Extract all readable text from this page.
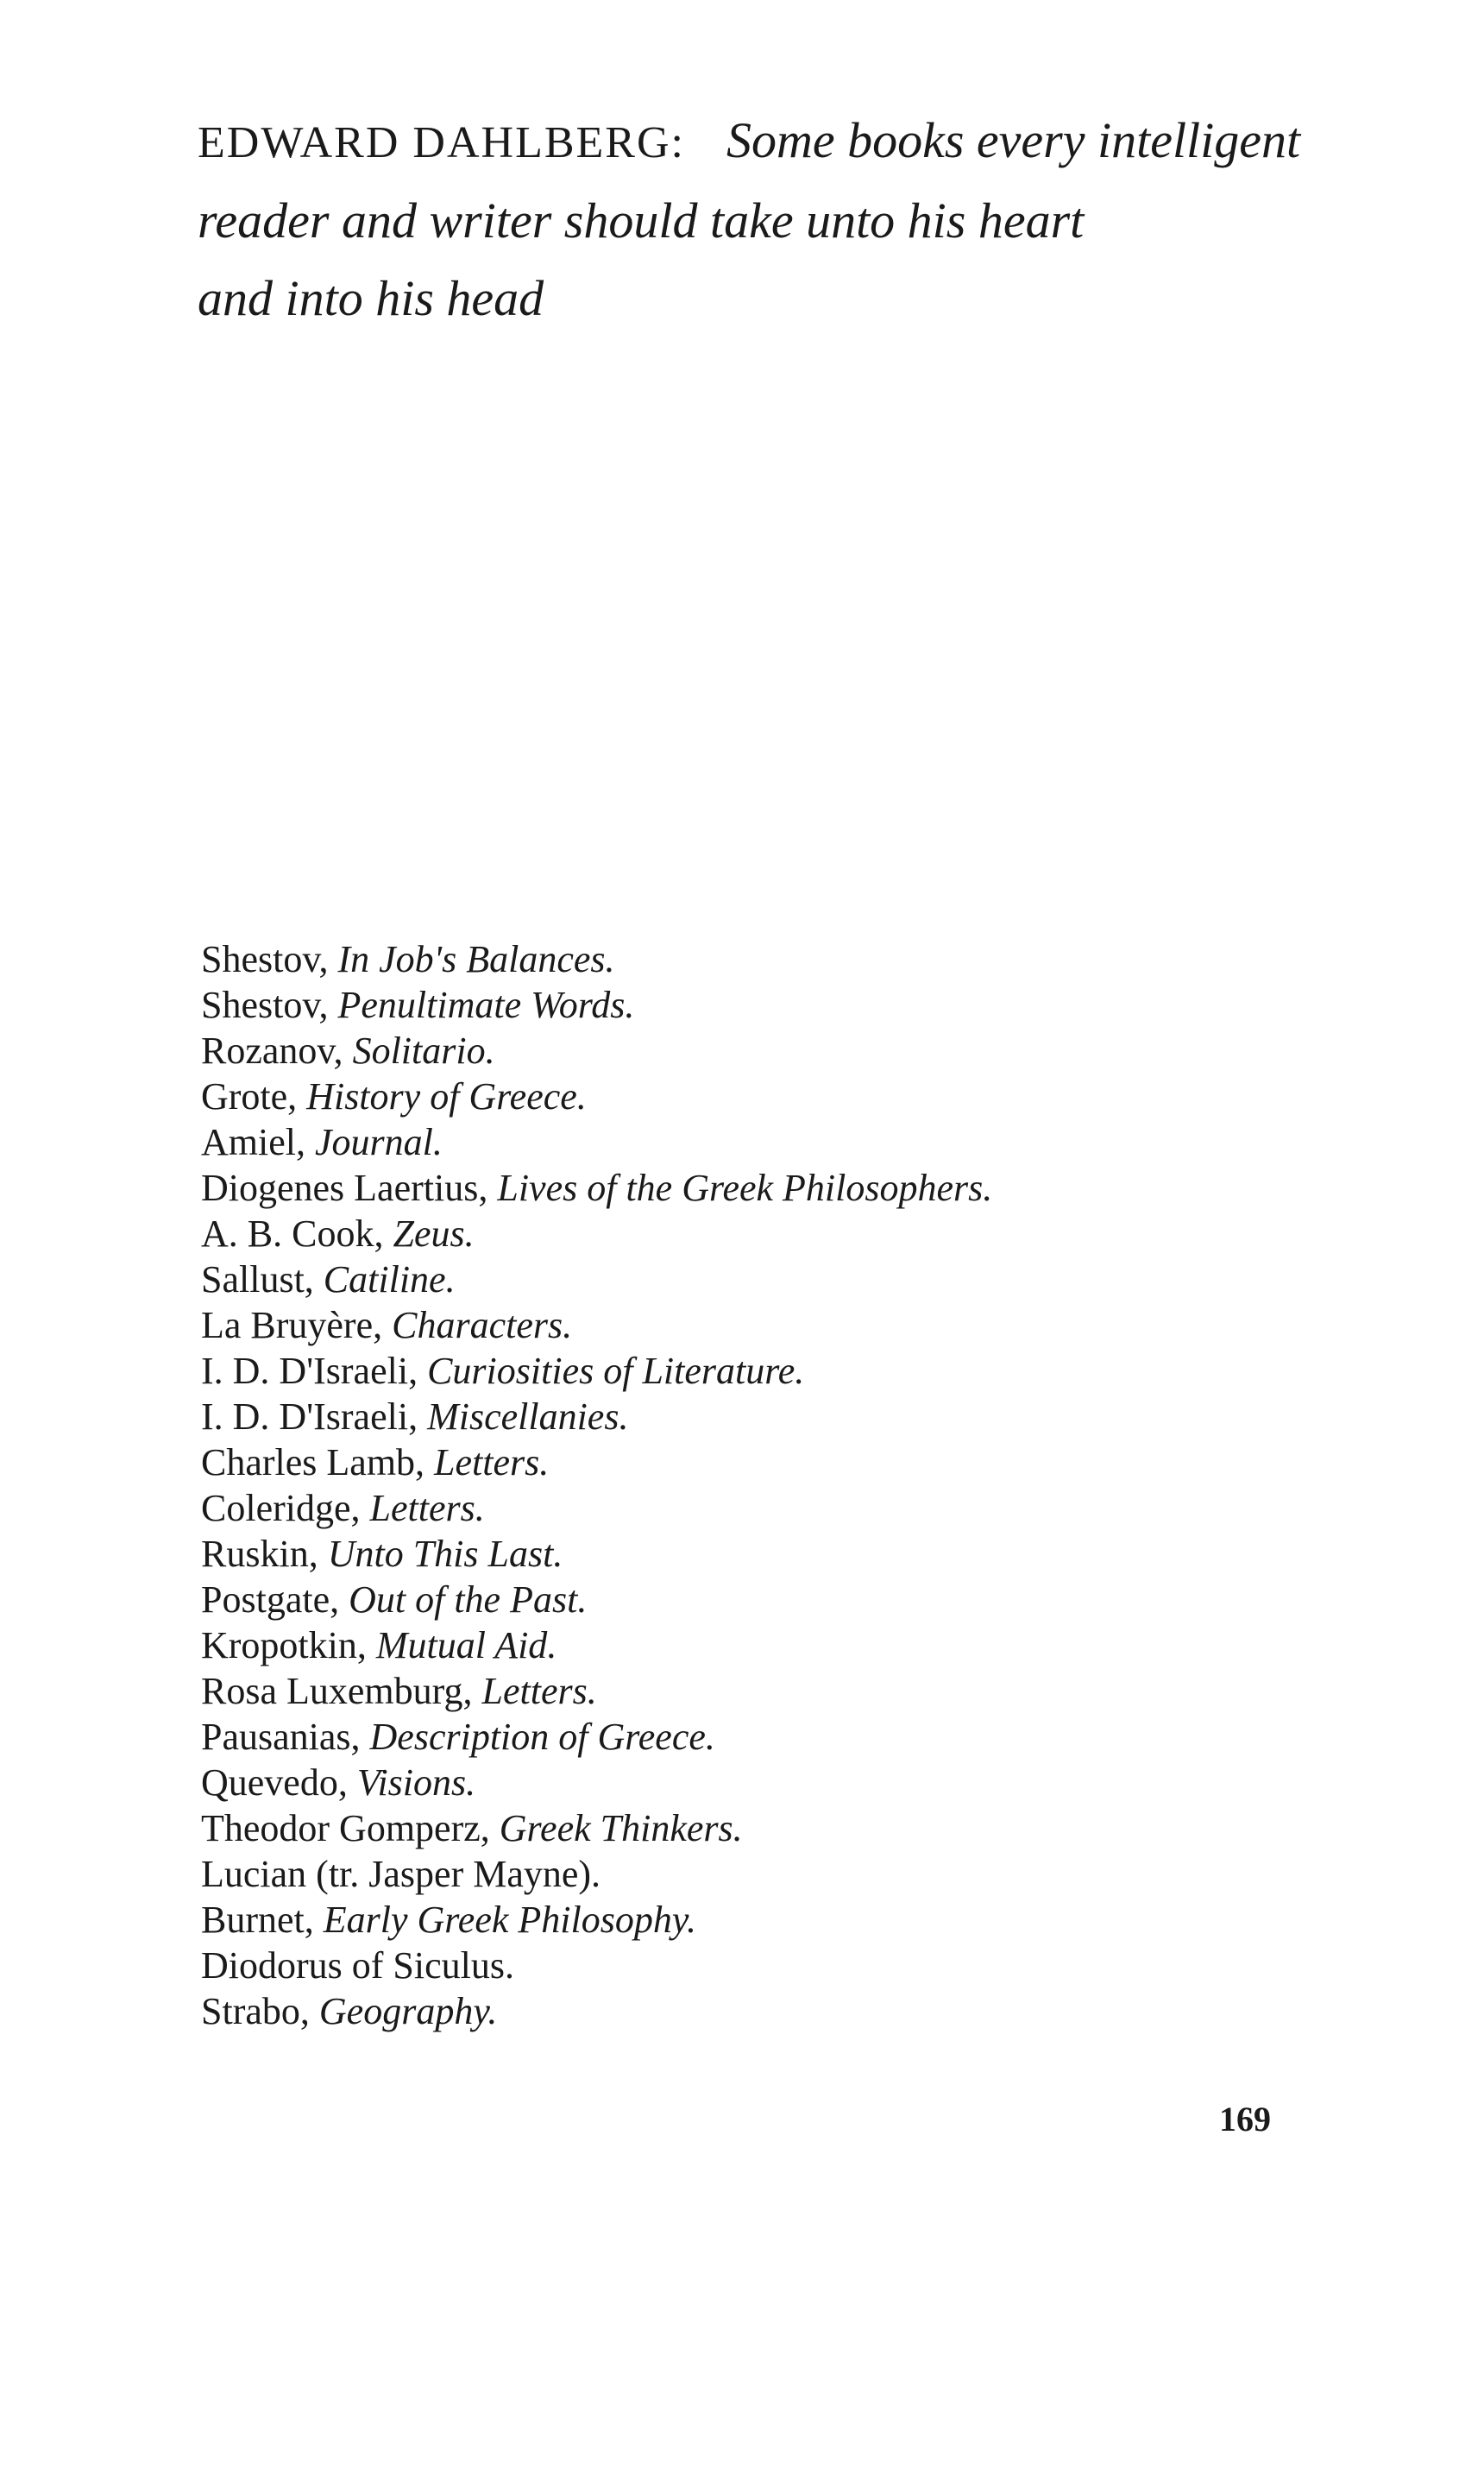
EDWARD DAHLBERG: Some books every intelligent
reader and writer should take unto his heart
and into his head
Shestov, In Job's Balances.
Shestov, Penultimate Words.
Rozanov, Solitario.
Grote, History of Greece.
Amiel, Journal.
Diogenes Laertius, Lives of the Greek Philosophers.
A. B. Cook, Zeus.
Sallust, Catiline.
La Bruyère, Characters.
I. D. D'Israeli, Curiosities of Literature.
I. D. D'Israeli, Miscellanies.
Charles Lamb, Letters.
Coleridge, Letters.
Ruskin, Unto This Last.
Postgate, Out of the Past.
Kropotkin, Mutual Aid.
Rosa Luxemburg, Letters.
Pausanias, Description of Greece.
Quevedo, Visions.
Theodor Gomperz, Greek Thinkers.
Lucian (tr. Jasper Mayne).
Burnet, Early Greek Philosophy.
Diodorus of Siculus.
Strabo, Geography.

169
